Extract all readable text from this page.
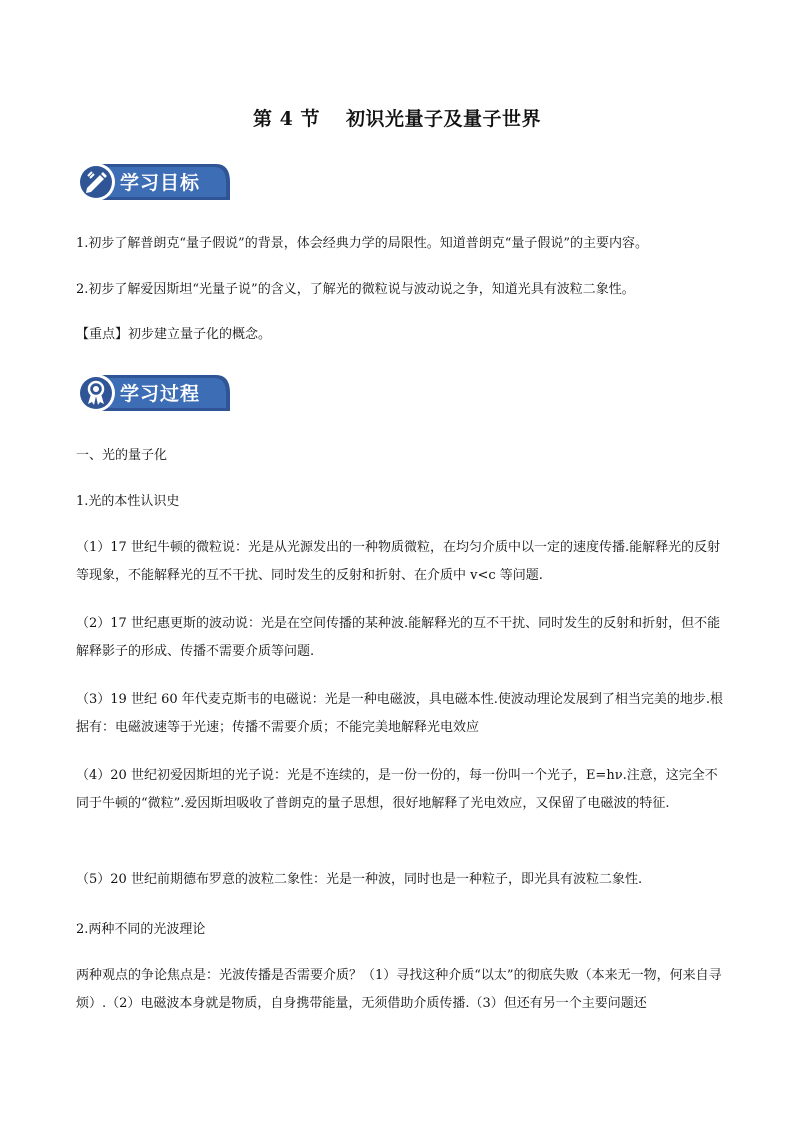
第 4 节 初识光量子及量子世界
学习目标

1.初步了解普朗克“量子假说”的背景，体会经典力学的局限性。知道普朗克“量子假说”的主要内容。

2.初步了解爱因斯坦“光量子说”的含义，了解光的微粒说与波动说之争，知道光具有波粒二象性。

【重点】初步建立量子化的概念。

学习过程

一、光的量子化

1.光的本性认识史

（1）17 世纪牛顿的微粒说：光是从光源发出的一种物质微粒，在均匀介质中以一定的速度传播.能解释光的反射等现象，不能解释光的互不干扰、同时发生的反射和折射、在介质中 v<c 等问题.

（2）17 世纪惠更斯的波动说：光是在空间传播的某种波.能解释光的互不干扰、同时发生的反射和折射，但不能解释影子的形成、传播不需要介质等问题.

（3）19 世纪 60 年代麦克斯韦的电磁说：光是一种电磁波，具电磁本性.使波动理论发展到了相当完美的地步.根据有：电磁波速等于光速；传播不需要介质；不能完美地解释光电效应

（4）20 世纪初爱因斯坦的光子说：光是不连续的，是一份一份的，每一份叫一个光子，E=hν.注意，这完全不同于牛顿的“微粒”.爱因斯坦吸收了普朗克的量子思想，很好地解释了光电效应，又保留了电磁波的特征.

（5）20 世纪前期德布罗意的波粒二象性：光是一种波，同时也是一种粒子，即光具有波粒二象性.

2.两种不同的光波理论

两种观点的争论焦点是：光波传播是否需要介质？（1）寻找这种介质“以太”的彻底失败（本来无一物，何来自寻烦）.（2）电磁波本身就是物质，自身携带能量，无须借助介质传播.（3）但还有另一个主要问题还
